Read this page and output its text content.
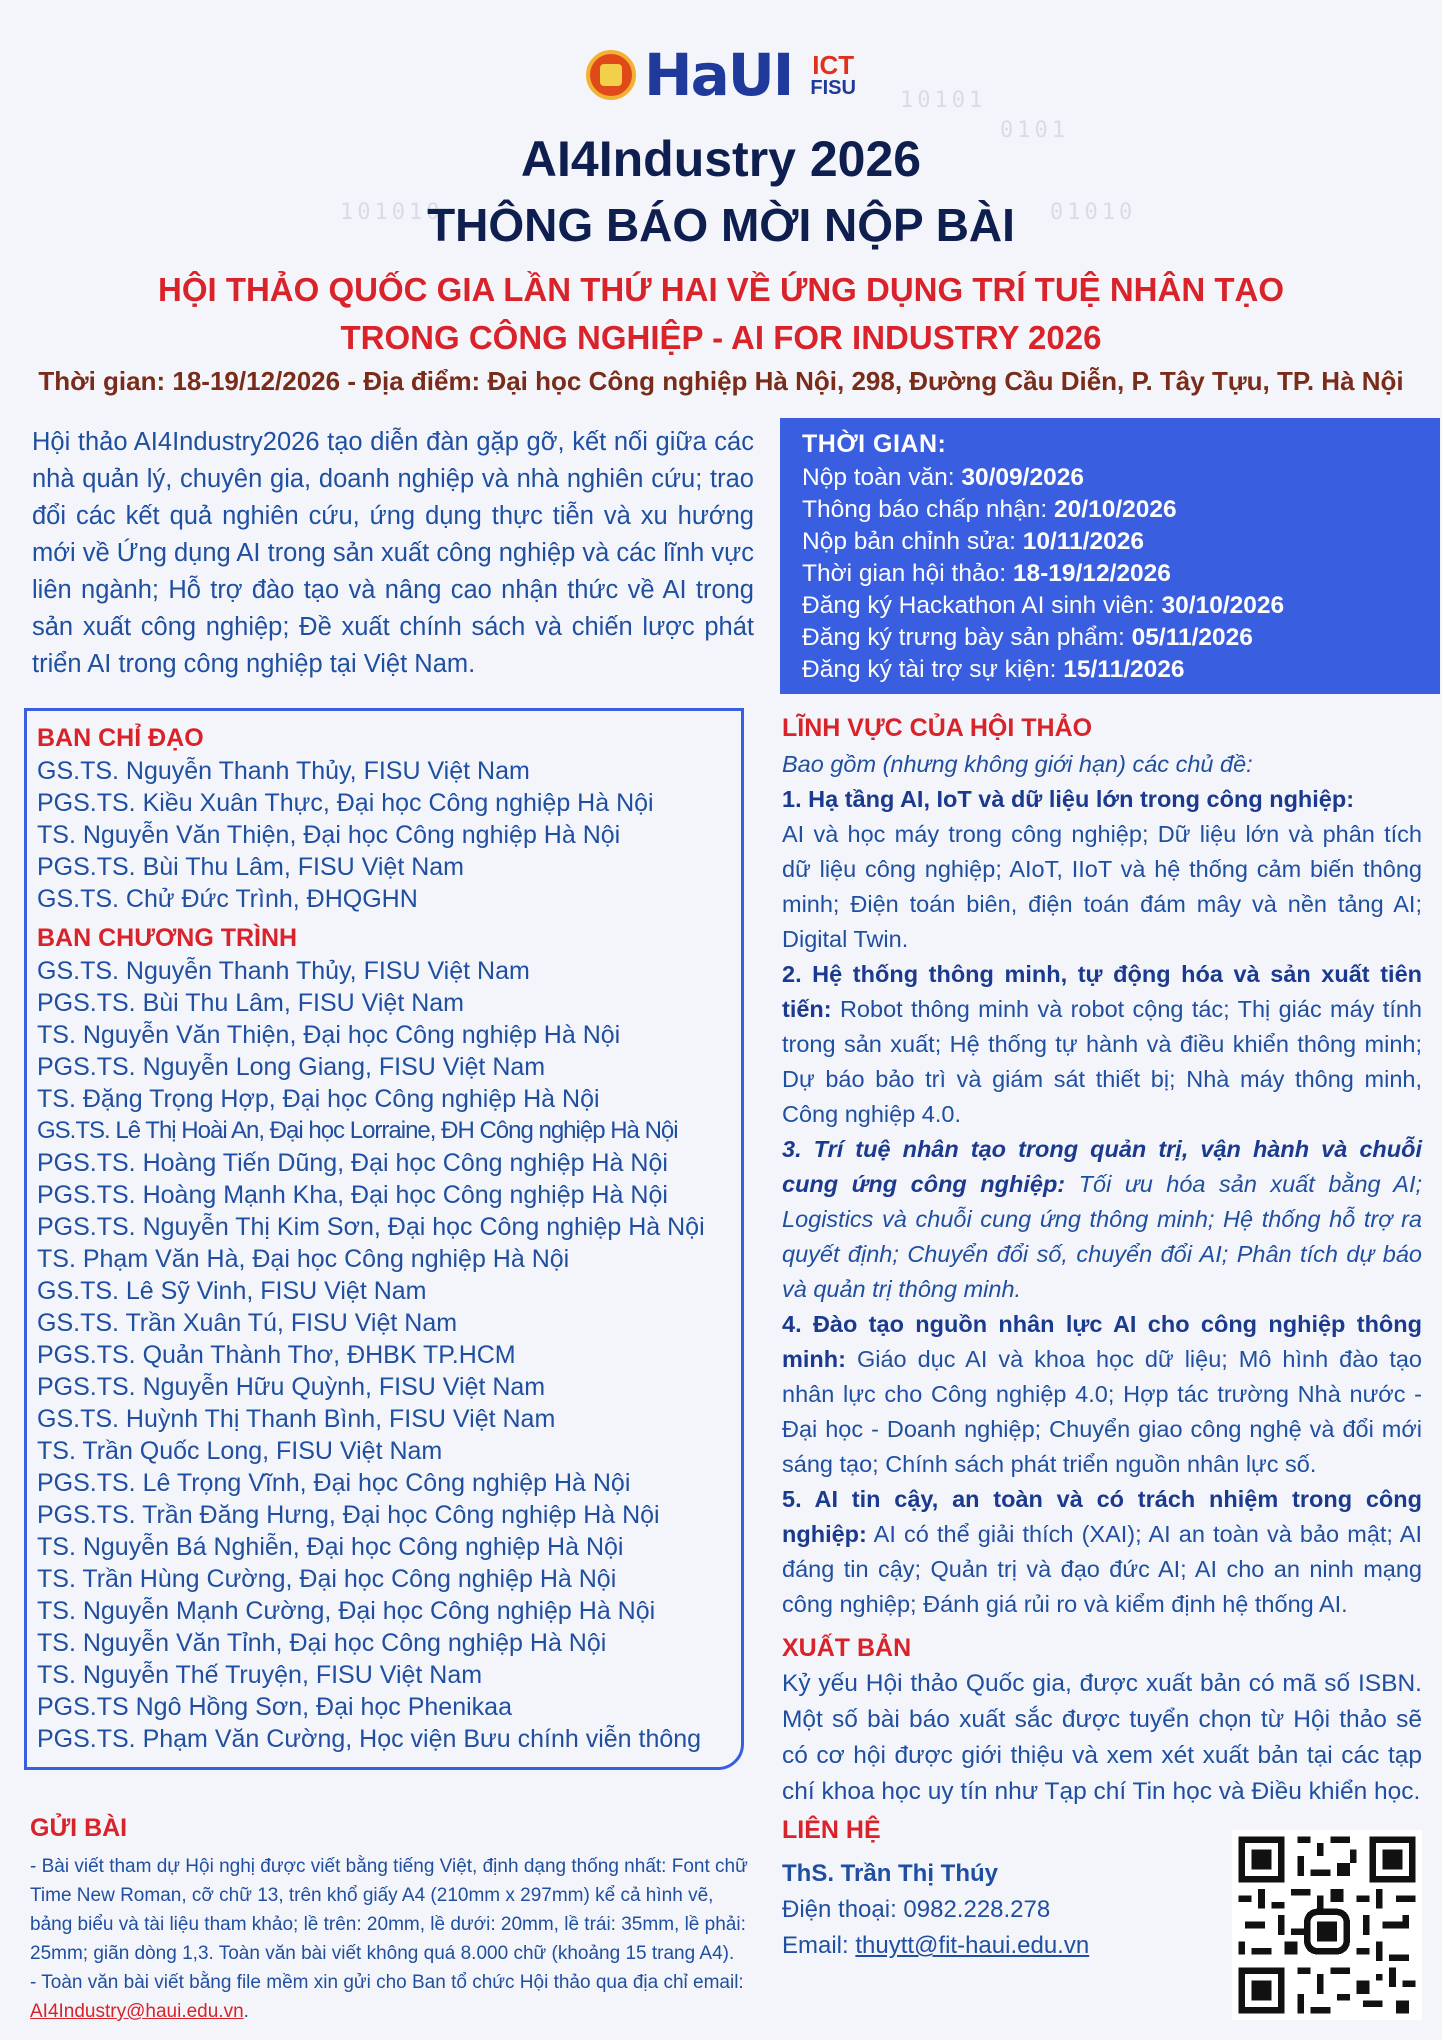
10101
0101
101010	01010
HaUI ICT
FISU
AI4Industry 2026
THÔNG BÁO MỜI NỘP BÀI
HỘI THẢO QUỐC GIA LẦN THỨ HAI VỀ ỨNG DỤNG TRÍ TUỆ NHÂN TẠO
TRONG CÔNG NGHIỆP - AI FOR INDUSTRY 2026
Thời gian: 18-19/12/2026 - Địa điểm: Đại học Công nghiệp Hà Nội, 298, Đường Cầu Diễn, P. Tây Tựu, TP. Hà Nội
Hội thảo AI4Industry2026 tạo diễn đàn gặp gỡ, kết nối giữa các nhà quản lý, chuyên gia, doanh nghiệp và nhà nghiên cứu; trao đổi các kết quả nghiên cứu, ứng dụng thực tiễn và xu hướng mới về Ứng dụng AI trong sản xuất công nghiệp và các lĩnh vực liên ngành; Hỗ trợ đào tạo và nâng cao nhận thức về AI trong sản xuất công nghiệp; Đề xuất chính sách và chiến lược phát triển AI trong công nghiệp tại Việt Nam.
THỜI GIAN:
Nộp toàn văn: 30/09/2026
Thông báo chấp nhận: 20/10/2026
Nộp bản chỉnh sửa: 10/11/2026
Thời gian hội thảo: 18-19/12/2026
Đăng ký Hackathon AI sinh viên: 30/10/2026
Đăng ký trưng bày sản phẩm: 05/11/2026
Đăng ký tài trợ sự kiện: 15/11/2026
BAN CHỈ ĐẠO
GS.TS. Nguyễn Thanh Thủy, FISU Việt Nam
PGS.TS. Kiều Xuân Thực, Đại học Công nghiệp Hà Nội
TS. Nguyễn Văn Thiện, Đại học Công nghiệp Hà Nội
PGS.TS. Bùi Thu Lâm, FISU Việt Nam
GS.TS. Chử Đức Trình, ĐHQGHN
BAN CHƯƠNG TRÌNH
GS.TS. Nguyễn Thanh Thủy, FISU Việt Nam
PGS.TS. Bùi Thu Lâm, FISU Việt Nam
TS. Nguyễn Văn Thiện, Đại học Công nghiệp Hà Nội
PGS.TS. Nguyễn Long Giang, FISU Việt Nam
TS. Đặng Trọng Hợp, Đại học Công nghiệp Hà Nội
GS.TS. Lê Thị Hoài An, Đại học Lorraine, ĐH Công nghiệp Hà Nội
PGS.TS. Hoàng Tiến Dũng, Đại học Công nghiệp Hà Nội
PGS.TS. Hoàng Mạnh Kha, Đại học Công nghiệp Hà Nội
PGS.TS. Nguyễn Thị Kim Sơn, Đại học Công nghiệp Hà Nội
TS. Phạm Văn Hà, Đại học Công nghiệp Hà Nội
GS.TS. Lê Sỹ Vinh, FISU Việt Nam
GS.TS. Trần Xuân Tú, FISU Việt Nam
PGS.TS. Quản Thành Thơ, ĐHBK TP.HCM
PGS.TS. Nguyễn Hữu Quỳnh, FISU Việt Nam
GS.TS. Huỳnh Thị Thanh Bình, FISU Việt Nam
TS. Trần Quốc Long, FISU Việt Nam
PGS.TS. Lê Trọng Vĩnh, Đại học Công nghiệp Hà Nội
PGS.TS. Trần Đăng Hưng, Đại học Công nghiệp Hà Nội
TS. Nguyễn Bá Nghiễn, Đại học Công nghiệp Hà Nội
TS. Trần Hùng Cường, Đại học Công nghiệp Hà Nội
TS. Nguyễn Mạnh Cường, Đại học Công nghiệp Hà Nội
TS. Nguyễn Văn Tỉnh, Đại học Công nghiệp Hà Nội
TS. Nguyễn Thế Truyện, FISU Việt Nam
PGS.TS Ngô Hồng Sơn, Đại học Phenikaa
PGS.TS. Phạm Văn Cường, Học viện Bưu chính viễn thông
LĨNH VỰC CỦA HỘI THẢO
Bao gồm (nhưng không giới hạn) các chủ đề:
1. Hạ tầng AI, IoT và dữ liệu lớn trong công nghiệp:
AI và học máy trong công nghiệp; Dữ liệu lớn và phân tích dữ liệu công nghiệp; AIoT, IIoT và hệ thống cảm biến thông minh; Điện toán biên, điện toán đám mây và nền tảng AI; Digital Twin.
2. Hệ thống thông minh, tự động hóa và sản xuất tiên tiến: Robot thông minh và robot cộng tác; Thị giác máy tính trong sản xuất; Hệ thống tự hành và điều khiển thông minh; Dự báo bảo trì và giám sát thiết bị; Nhà máy thông minh, Công nghiệp 4.0.
3. Trí tuệ nhân tạo trong quản trị, vận hành và chuỗi cung ứng công nghiệp: Tối ưu hóa sản xuất bằng AI; Logistics và chuỗi cung ứng thông minh; Hệ thống hỗ trợ ra quyết định; Chuyển đổi số, chuyển đổi AI; Phân tích dự báo và quản trị thông minh.
4. Đào tạo nguồn nhân lực AI cho công nghiệp thông minh: Giáo dục AI và khoa học dữ liệu; Mô hình đào tạo nhân lực cho Công nghiệp 4.0; Hợp tác trường Nhà nước - Đại học - Doanh nghiệp; Chuyển giao công nghệ và đổi mới sáng tạo; Chính sách phát triển nguồn nhân lực số.
5. AI tin cậy, an toàn và có trách nhiệm trong công nghiệp: AI có thể giải thích (XAI); AI an toàn và bảo mật; AI đáng tin cậy; Quản trị và đạo đức AI; AI cho an ninh mạng công nghiệp; Đánh giá rủi ro và kiểm định hệ thống AI.
XUẤT BẢN
Kỷ yếu Hội thảo Quốc gia, được xuất bản có mã số ISBN. Một số bài báo xuất sắc được tuyển chọn từ Hội thảo sẽ có cơ hội được giới thiệu và xem xét xuất bản tại các tạp chí khoa học uy tín như Tạp chí Tin học và Điều khiển học.
LIÊN HỆ
ThS. Trần Thị Thúy
Điện thoại: 0982.228.278
Email: thuytt@fit-haui.edu.vn
GỬI BÀI
- Bài viết tham dự Hội nghị được viết bằng tiếng Việt, định dạng thống nhất: Font chữ Time New Roman, cỡ chữ 13, trên khổ giấy A4 (210mm x 297mm) kể cả hình vẽ, bảng biểu và tài liệu tham khảo; lề trên: 20mm, lề dưới: 20mm, lề trái: 35mm, lề phải: 25mm; giãn dòng 1,3. Toàn văn bài viết không quá 8.000 chữ (khoảng 15 trang A4).
- Toàn văn bài viết bằng file mềm xin gửi cho Ban tổ chức Hội thảo qua địa chỉ email: AI4Industry@haui.edu.vn.
